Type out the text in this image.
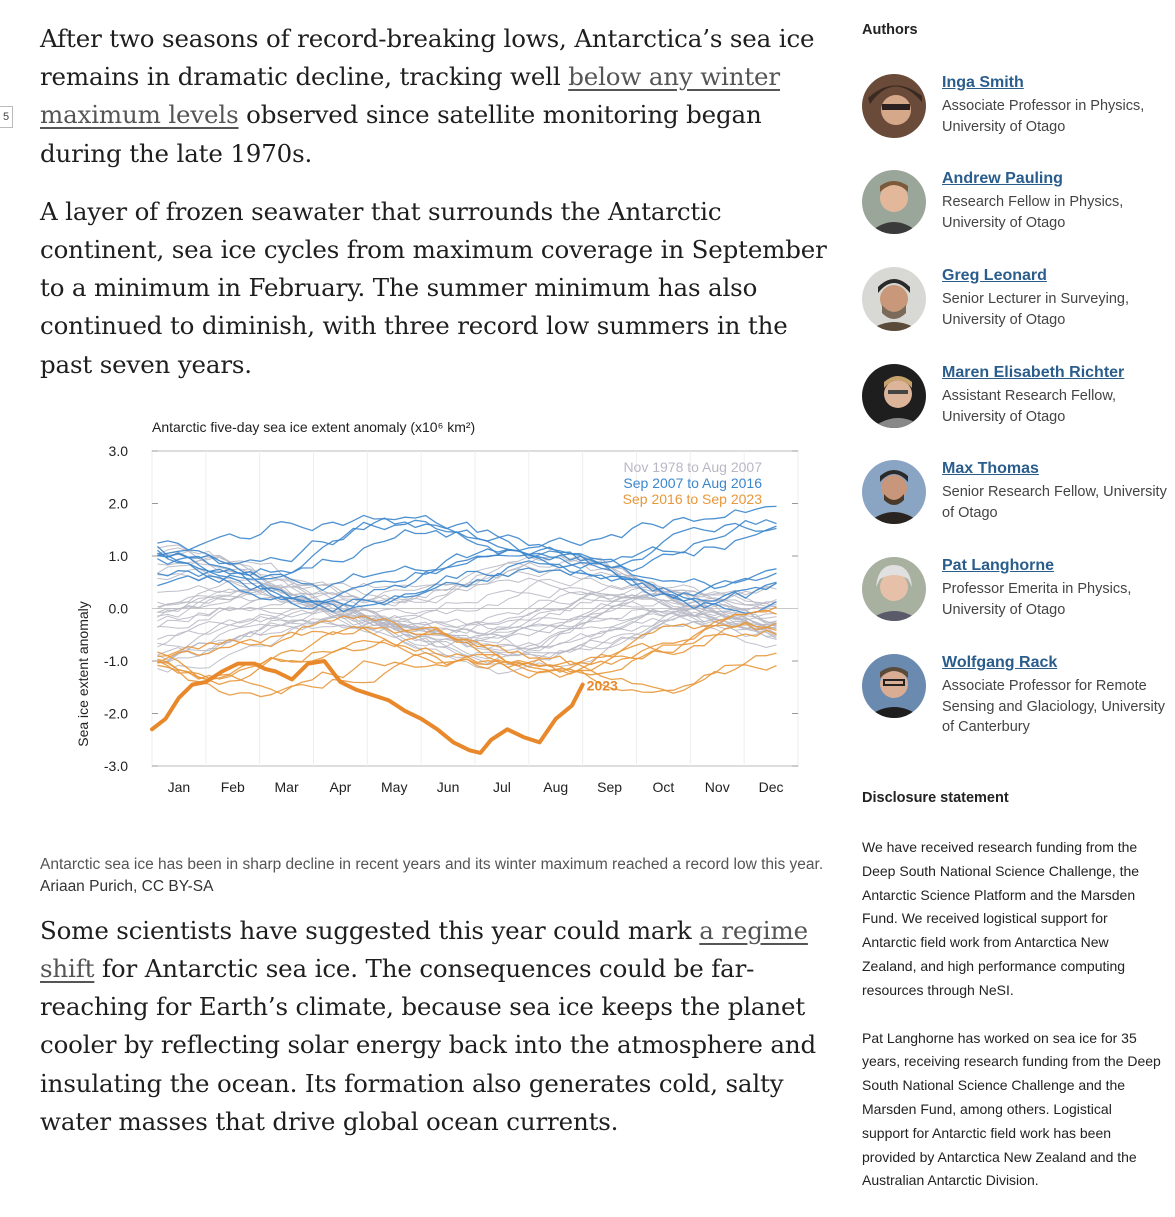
5

After two seasons of record-breaking lows, Antarctica’s sea ice remains in dramatic decline, tracking well below any winter maximum levels observed since satellite monitoring began during the late 1970s.

A layer of frozen seawater that surrounds the Antarctic continent, sea ice cycles from maximum coverage in September to a minimum in February. The summer minimum has also continued to diminish, with three record low summers in the past seven years.

Antarctic five-day sea ice extent anomaly (x10⁶ km²)
Sea ice extent anomaly
3.0
2.0
1.0
0.0
-1.0
-2.0
-3.0
Jan Feb Mar Apr May Jun Jul Aug Sep Oct Nov Dec
2023
Nov 1978 to Aug 2007
Sep 2007 to Aug 2016
Sep 2016 to Sep 2023

Antarctic sea ice has been in sharp decline in recent years and its winter maximum reached a record low this year. Ariaan Purich, CC BY-SA

Some scientists have suggested this year could mark a regime shift for Antarctic sea ice. The consequences could be far-reaching for Earth’s climate, because sea ice keeps the planet cooler by reflecting solar energy back into the atmosphere and insulating the ocean. Its formation also generates cold, salty water masses that drive global ocean currents.

Authors
Inga Smith
Associate Professor in Physics, University of Otago
Andrew Pauling
Research Fellow in Physics, University of Otago
Greg Leonard
Senior Lecturer in Surveying, University of Otago
Maren Elisabeth Richter
Assistant Research Fellow, University of Otago
Max Thomas
Senior Research Fellow, University of Otago
Pat Langhorne
Professor Emerita in Physics, University of Otago
Wolfgang Rack
Associate Professor for Remote Sensing and Glaciology, University of Canterbury
Disclosure statement

We have received research funding from the Deep South National Science Challenge, the Antarctic Science Platform and the Marsden Fund. We received logistical support for Antarctic field work from Antarctica New Zealand, and high performance computing resources through NeSI.

Pat Langhorne has worked on sea ice for 35 years, receiving research funding from the Deep South National Science Challenge and the Marsden Fund, among others. Logistical support for Antarctic field work has been provided by Antarctica New Zealand and the Australian Antarctic Division.
